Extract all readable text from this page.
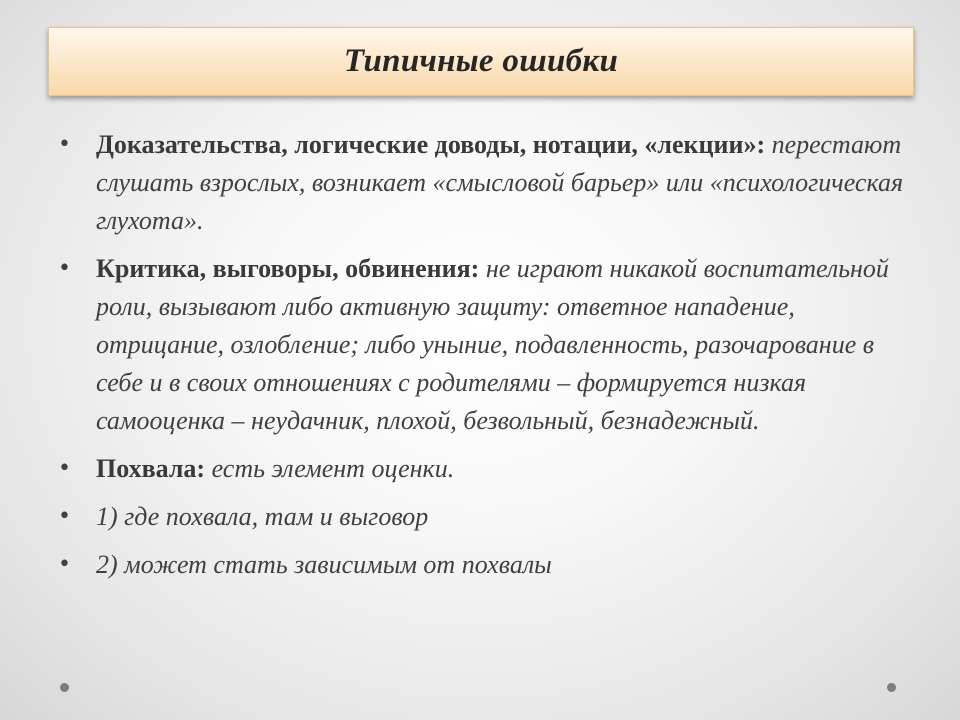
Типичные ошибки
• Доказательства, логические доводы, нотации, «лекции»: перестают слушать взрослых, возникает «смысловой барьер» или «психологическая глухота».
• Критика, выговоры, обвинения: не играют никакой воспитательной роли, вызывают либо активную защиту: ответное нападение, отрицание, озлобление; либо уныние, подавленность, разочарование в себе и в своих отношениях с родителями – формируется низкая самооценка – неудачник, плохой, безвольный, безнадежный.
• Похвала: есть элемент оценки.
• 1) где похвала, там и выговор
• 2) может стать зависимым от похвалы
